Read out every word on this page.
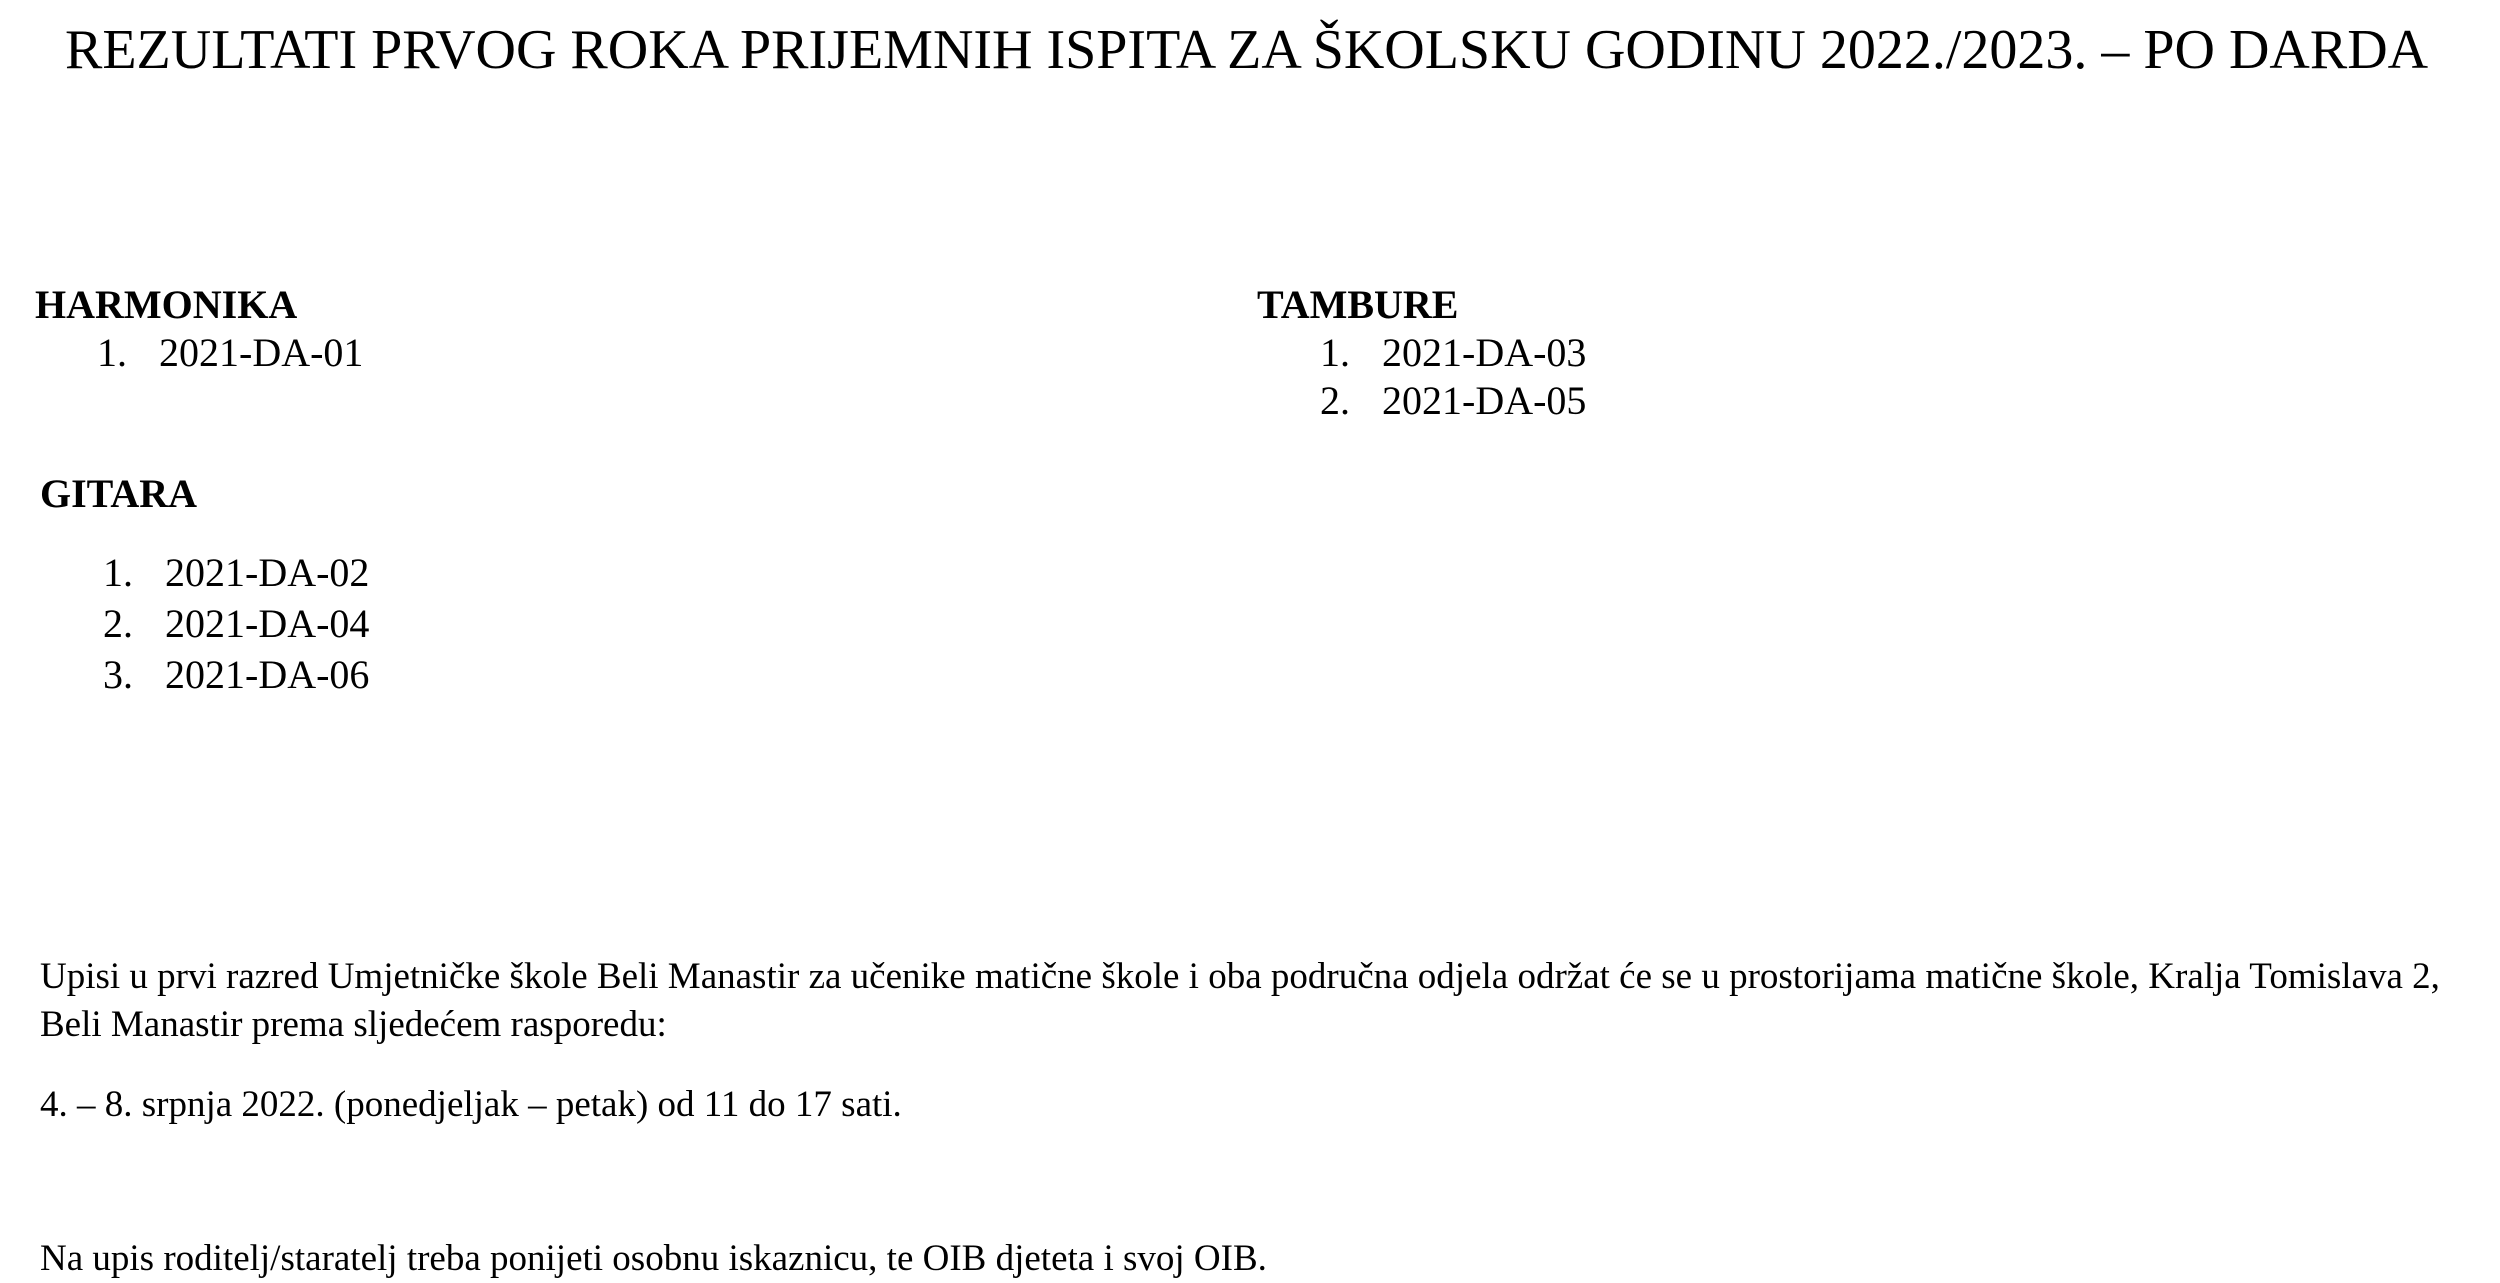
REZULTATI PRVOG ROKA PRIJEMNIH ISPITA ZA ŠKOLSKU GODINU 2022./2023. – PO DARDA
HARMONIKA
1. 2021-DA-01
TAMBURE
1. 2021-DA-03
2. 2021-DA-05
GITARA
1. 2021-DA-02
2. 2021-DA-04
3. 2021-DA-06

Upisi u prvi razred Umjetničke škole Beli Manastir za učenike matične škole i oba područna odjela održat će se u prostorijama matične škole, Kralja Tomislava 2, Beli Manastir prema sljedećem rasporedu:

4. – 8. srpnja 2022. (ponedjeljak – petak) od 11 do 17 sati.

Na upis roditelj/staratelj treba ponijeti osobnu iskaznicu, te OIB djeteta i svoj OIB.
